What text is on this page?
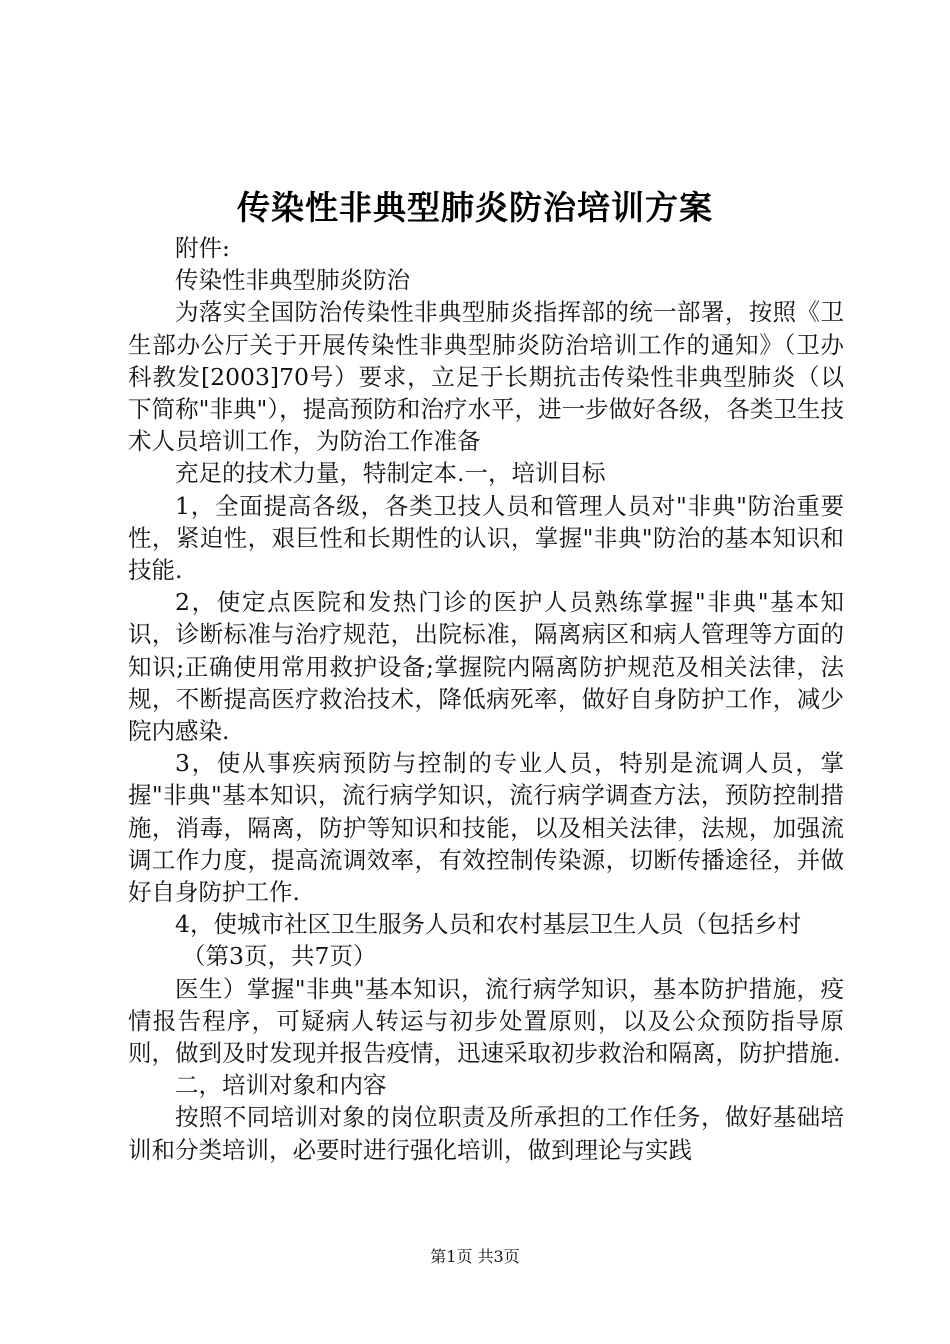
传染性非典型肺炎防治培训方案

附件:

传染性非典型肺炎防治

为落实全国防治传染性非典型肺炎指挥部的统一部署，按照《卫生部办公厅关于开展传染性非典型肺炎防治培训工作的通知》（卫办科教发[2003]70号）要求，立足于长期抗击传染性非典型肺炎（以下简称"非典"），提高预防和治疗水平，进一步做好各级，各类卫生技术人员培训工作，为防治工作准备

充足的技术力量，特制定本.一，培训目标

1，全面提高各级，各类卫技人员和管理人员对"非典"防治重要性，紧迫性，艰巨性和长期性的认识，掌握"非典"防治的基本知识和技能.

2，使定点医院和发热门诊的医护人员熟练掌握"非典"基本知识，诊断标准与治疗规范，出院标准，隔离病区和病人管理等方面的知识;正确使用常用救护设备;掌握院内隔离防护规范及相关法律，法规，不断提高医疗救治技术，降低病死率，做好自身防护工作，减少院内感染.

3，使从事疾病预防与控制的专业人员，特别是流调人员，掌握"非典"基本知识，流行病学知识，流行病学调查方法，预防控制措施，消毒，隔离，防护等知识和技能，以及相关法律，法规，加强流调工作力度，提高流调效率，有效控制传染源，切断传播途径，并做好自身防护工作.

4，使城市社区卫生服务人员和农村基层卫生人员（包括乡村

（第3页，共7页）

医生）掌握"非典"基本知识，流行病学知识，基本防护措施，疫情报告程序，可疑病人转运与初步处置原则，以及公众预防指导原则，做到及时发现并报告疫情，迅速采取初步救治和隔离，防护措施.

二，培训对象和内容

按照不同培训对象的岗位职责及所承担的工作任务，做好基础培训和分类培训，必要时进行强化培训，做到理论与实践

第1页 共3页
